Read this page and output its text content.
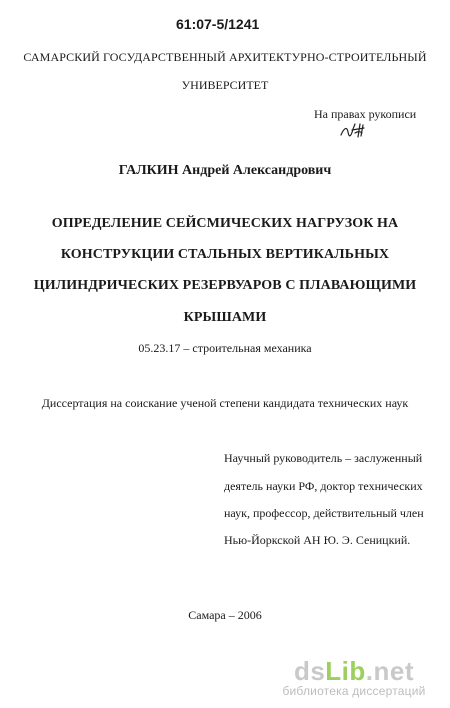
61:07-5/1241
САМАРСКИЙ ГОСУДАРСТВЕННЫЙ АРХИТЕКТУРНО-СТРОИТЕЛЬНЫЙ
УНИВЕРСИТЕТ
На правах рукописи
ГАЛКИН Андрей Александрович
ОПРЕДЕЛЕНИЕ СЕЙСМИЧЕСКИХ НАГРУЗОК НА
КОНСТРУКЦИИ СТАЛЬНЫХ ВЕРТИКАЛЬНЫХ
ЦИЛИНДРИЧЕСКИХ РЕЗЕРВУАРОВ С ПЛАВАЮЩИМИ
КРЫШАМИ
05.23.17 – строительная механика
Диссертация на соискание ученой степени кандидата технических наук
Научный руководитель – заслуженный
деятель науки РФ, доктор технических
наук, профессор, действительный член
Нью-Йоркской АН Ю. Э. Сеницкий.
Самара – 2006
dsLib.net
библиотека диссертаций
